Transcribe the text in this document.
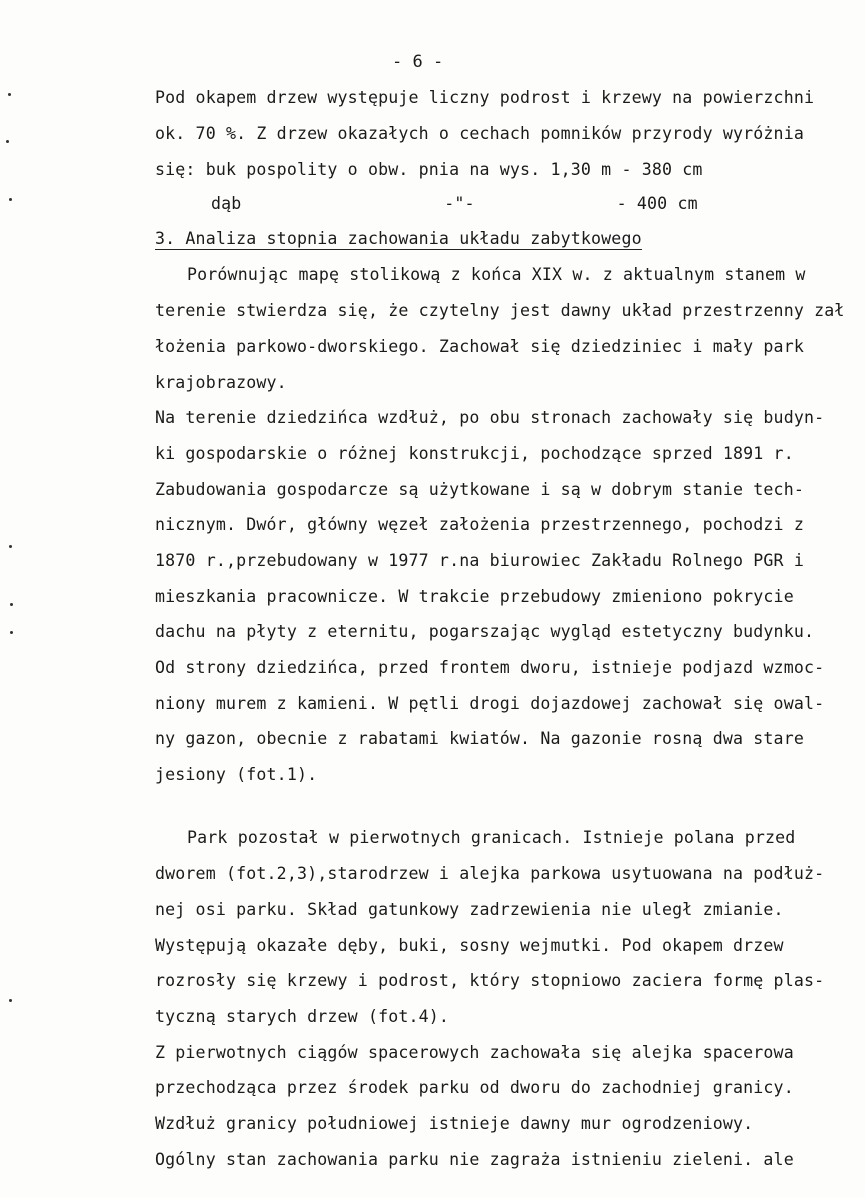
- 6 -
Pod okapem drzew występuje liczny podrost i krzewy na powierzchni
ok. 70 %. Z drzew okazałych o cechach pomników przyrody wyróżnia
się: buk pospolity o obw. pnia na wys. 1,30 m - 380 cm
dąb                    -"-              - 400 cm
3. Analiza stopnia zachowania układu zabytkowego
Porównując mapę stolikową z końca XIX w. z aktualnym stanem w
terenie stwierdza się, że czytelny jest dawny układ przestrzenny zał
łożenia parkowo-dworskiego. Zachował się dziedziniec i mały park
krajobrazowy.
Na terenie dziedzińca wzdłuż, po obu stronach zachowały się budyn-
ki gospodarskie o różnej konstrukcji, pochodzące sprzed 1891 r.
Zabudowania gospodarcze są użytkowane i są w dobrym stanie tech-
nicznym. Dwór, główny węzeł założenia przestrzennego, pochodzi z
1870 r.,przebudowany w 1977 r.na biurowiec Zakładu Rolnego PGR i
mieszkania pracownicze. W trakcie przebudowy zmieniono pokrycie
dachu na płyty z eternitu, pogarszając wygląd estetyczny budynku.
Od strony dziedzińca, przed frontem dworu, istnieje podjazd wzmoc-
niony murem z kamieni. W pętli drogi dojazdowej zachował się owal-
ny gazon, obecnie z rabatami kwiatów. Na gazonie rosną dwa stare
jesiony (fot.1).
Park pozostał w pierwotnych granicach. Istnieje polana przed
dworem (fot.2,3),starodrzew i alejka parkowa usytuowana na podłuż-
nej osi parku. Skład gatunkowy zadrzewienia nie uległ zmianie.
Występują okazałe dęby, buki, sosny wejmutki. Pod okapem drzew
rozrosły się krzewy i podrost, który stopniowo zaciera formę plas-
tyczną starych drzew (fot.4).
Z pierwotnych ciągów spacerowych zachowała się alejka spacerowa
przechodząca przez środek parku od dworu do zachodniej granicy.
Wzdłuż granicy południowej istnieje dawny mur ogrodzeniowy.
Ogólny stan zachowania parku nie zagraża istnieniu zieleni. ale
